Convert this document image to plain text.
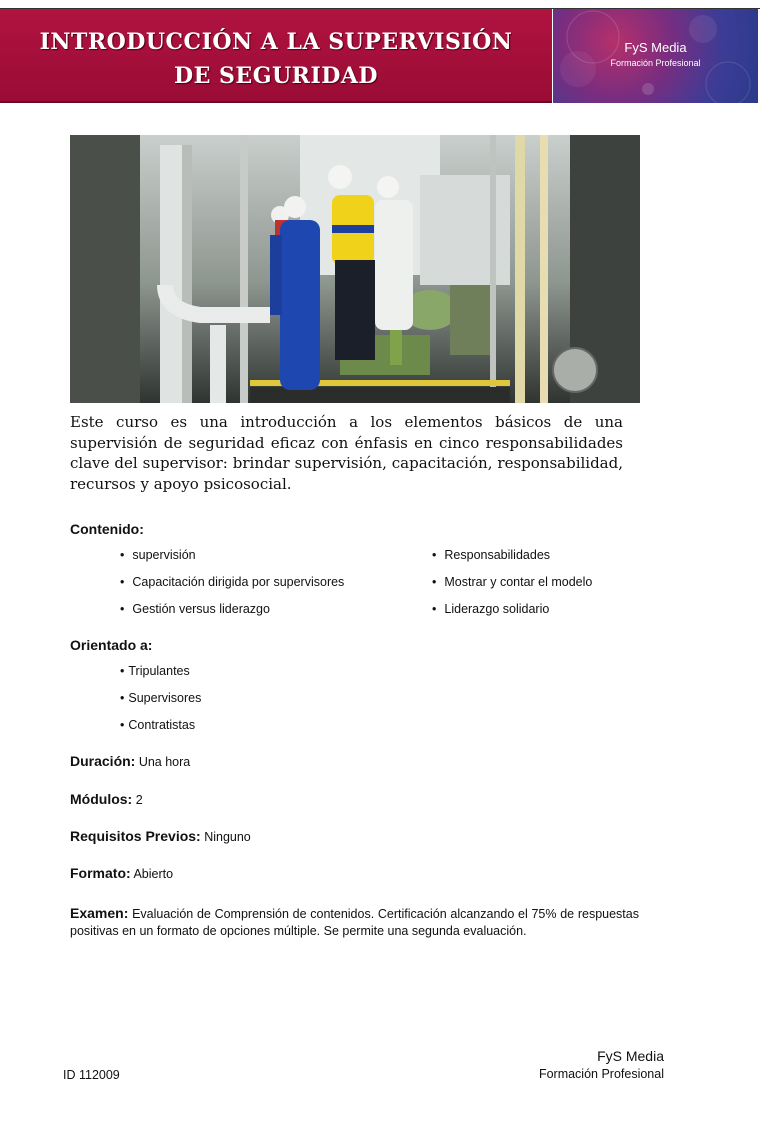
INTRODUCCIÓN A LA SUPERVISIÓN
DE SEGURIDAD
FyS Media
Formación Profesional

Este curso es una introducción a los elementos básicos de una supervisión de seguridad eficaz con énfasis en cinco responsabilidades clave del supervisor: brindar supervisión, capacitación, responsabilidad, recursos y apoyo psicosocial.

Contenido:

• supervisión
• Capacitación dirigida por supervisores
• Gestión versus liderazgo
• Responsabilidades
• Mostrar y contar el modelo
• Liderazgo solidario

Orientado a:

• Tripulantes
• Supervisores
• Contratistas
Duración: Una hora
Módulos: 2
Requisitos Previos: Ninguno
Formato: Abierto

Examen: Evaluación de Comprensión de contenidos. Certificación alcanzando el 75% de respuestas positivas en un formato de opciones múltiple. Se permite una segunda evaluación.

ID 112009
FyS Media
Formación Profesional
